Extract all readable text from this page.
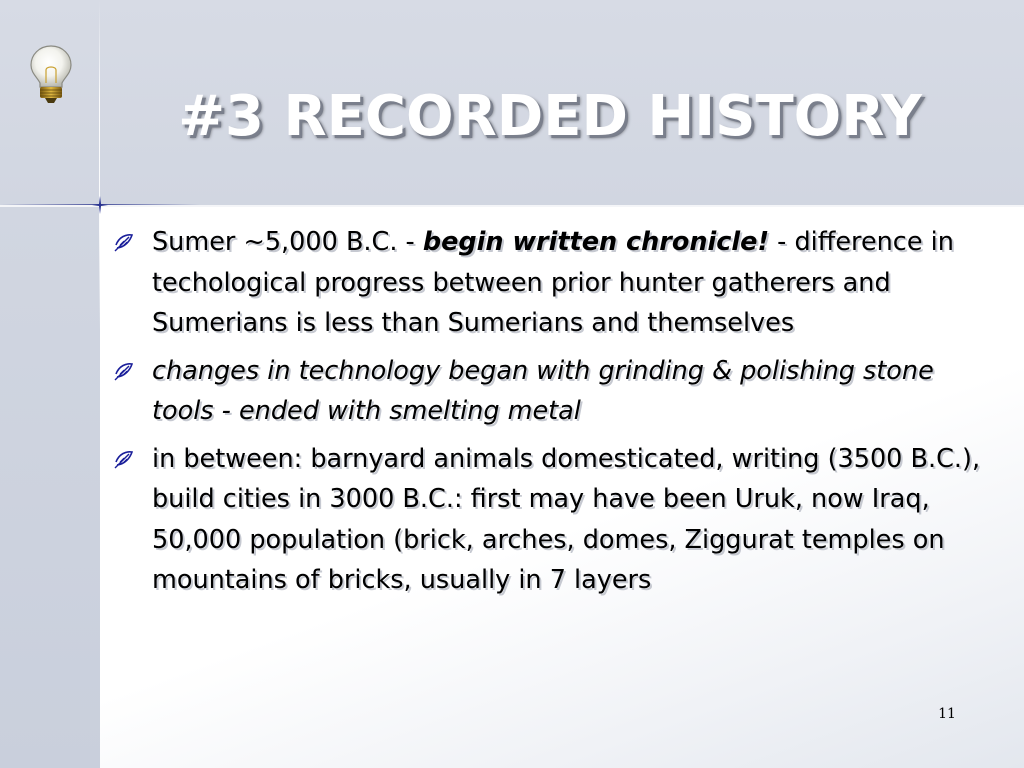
#3 RECORDED HISTORY
Sumer ~5,000 B.C. - begin written chronicle! - difference in techological progress between prior hunter gatherers and Sumerians is less than Sumerians and themselves
changes in technology began with grinding & polishing stone tools - ended with smelting metal
in between: barnyard animals domesticated, writing (3500 B.C.), build cities in 3000 B.C.: first may have been Uruk, now Iraq, 50,000 population (brick, arches, domes, Ziggurat temples on mountains of bricks, usually in 7 layers
11
